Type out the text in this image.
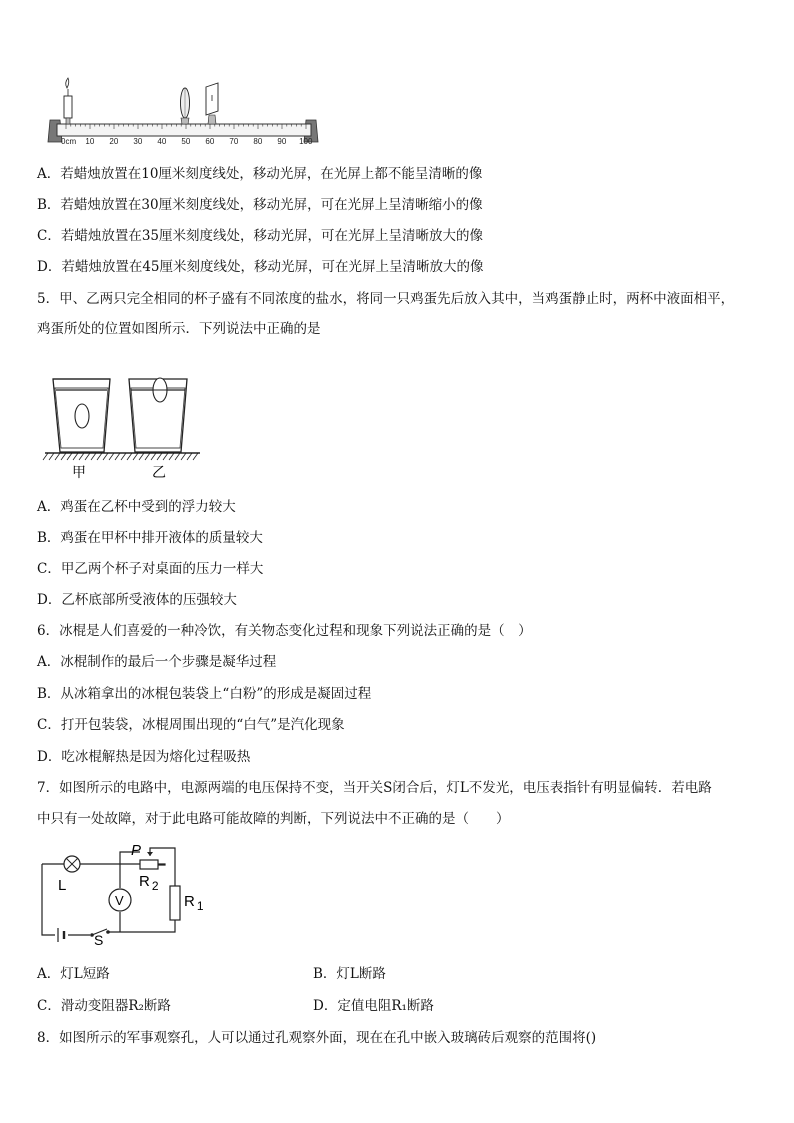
0cm 10 20 30 40 50 60 70 80 90 100
A．若蜡烛放置在10厘米刻度线处，移动光屏，在光屏上都不能呈清晰的像
B．若蜡烛放置在30厘米刻度线处，移动光屏，可在光屏上呈清晰缩小的像
C．若蜡烛放置在35厘米刻度线处，移动光屏，可在光屏上呈清晰放大的像
D．若蜡烛放置在45厘米刻度线处，移动光屏，可在光屏上呈清晰放大的像
5．甲、乙两只完全相同的杯子盛有不同浓度的盐水，将同一只鸡蛋先后放入其中，当鸡蛋静止时，两杯中液面相平，
鸡蛋所处的位置如图所示．下列说法中正确的是
甲	乙
A．鸡蛋在乙杯中受到的浮力较大
B．鸡蛋在甲杯中排开液体的质量较大
C．甲乙两个杯子对桌面的压力一样大
D．乙杯底部所受液体的压强较大
6．冰棍是人们喜爱的一种冷饮，有关物态变化过程和现象下列说法正确的是（　）
A．冰棍制作的最后一个步骤是凝华过程
B．从冰箱拿出的冰棍包装袋上“白粉”的形成是凝固过程
C．打开包装袋，冰棍周围出现的“白气”是汽化现象
D．吃冰棍解热是因为熔化过程吸热
7．如图所示的电路中，电源两端的电压保持不变，当开关S闭合后，灯L不发光，电压表指针有明显偏转．若电路
中只有一处故障，对于此电路可能故障的判断，下列说法中不正确的是（　　）
V
P
L	R $_2$
R $_1$
S
A．灯L短路	B．灯L断路
C．滑动变阻器R₂断路	D．定值电阻R₁断路
8．如图所示的军事观察孔，人可以通过孔观察外面，现在在孔中嵌入玻璃砖后观察的范围将()
